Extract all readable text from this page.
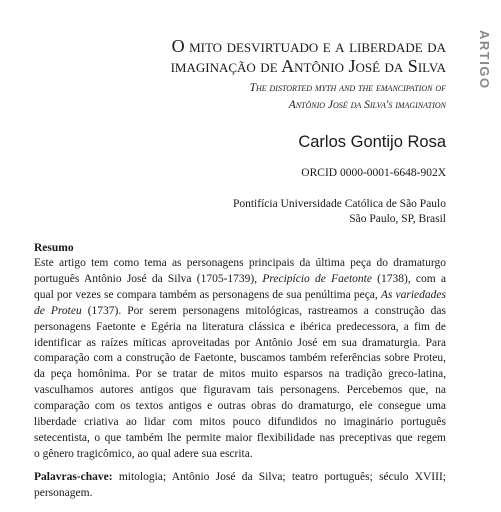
ARTIGO
O mito desvirtuado e a liberdade da
imaginação de Antônio José da Silva
The distorted myth and the emancipation of
Antônio José da Silva's imagination
Carlos Gontijo Rosa
ORCID 0000-0001-6648-902X
Pontifícia Universidade Católica de São Paulo
São Paulo, SP, Brasil
Resumo
Este artigo tem como tema as personagens principais da última peça do dramaturgo
português Antônio José da Silva (1705-1739), Precipício de Faetonte (1738), com a
qual por vezes se compara também as personagens de sua penúltima peça, As variedades
de Proteu (1737). Por serem personagens mitológicas, rastreamos a construção das
personagens Faetonte e Egéria na literatura clássica e ibérica predecessora, a fim de
identificar as raízes míticas aproveitadas por Antônio José em sua dramaturgia. Para
comparação com a construção de Faetonte, buscamos também referências sobre Proteu,
da peça homônima. Por se tratar de mitos muito esparsos na tradição greco-latina,
vasculhamos autores antigos que figuravam tais personagens. Percebemos que, na
comparação com os textos antigos e outras obras do dramaturgo, ele consegue uma
liberdade criativa ao lidar com mitos pouco difundidos no imaginário português
setecentista, o que também lhe permite maior flexibilidade nas preceptivas que regem
o gênero tragicômico, ao qual adere sua escrita.
Palavras-chave: mitologia; Antônio José da Silva; teatro português; século XVIII;
personagem.
